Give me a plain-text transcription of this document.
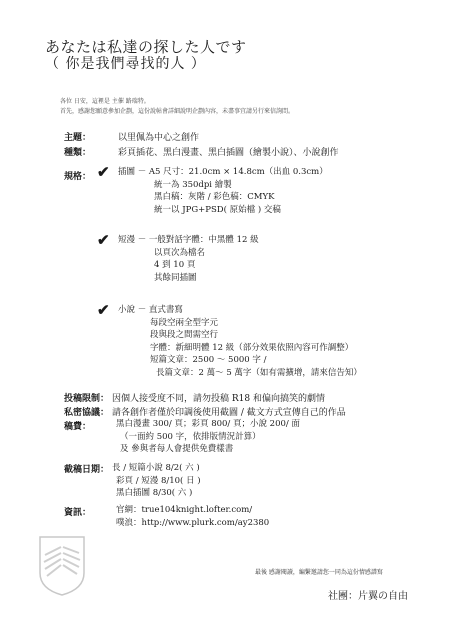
あなたは私達の探した人です
（ 你是我們尋找的人 ）
各位 日安，這裡是 主催 路瑞特。
首先，感謝您願意參加企劃，這份說帖會詳細說明企劃內容，未盡事宜請另行來信詢問。
主題：	以里佩為中心之創作
種類：	彩頁插花、黑白漫畫、黑白插圖（繪製小說）、小說創作
規格： ✔ 插圖 － A5 尺寸：21.0cm × 14.8cm（出血 0.3cm）
統一為 350dpi 繪製
黑白稿：灰階 / 彩色稿：CMYK
統一以 JPG+PSD( 原始檔 ) 交稿
✔ 短漫 － 一般對話字體：中黑體 12 級
以頁次為檔名
4 到 10 頁
其餘同插圖
✔ 小說 － 直式書寫
每段空兩全型字元
段與段之間需空行
字體：新細明體 12 級（部分效果依照內容可作調整）
短篇文章：2500 ～ 5000 字 /
長篇文章：2 萬～ 5 萬字（如有需擴增，請來信告知）
投稿限制： 因個人接受度不同，請勿投稿 R18 和偏向搞笑的劇情
私密協議： 請各創作者僅於印調後使用截圖 / 截文方式宣傳自己的作品
稿費：	黑白漫畫 300/ 頁；彩頁 800/ 頁；小說 200/ 面
（一面約 500 字，依排版情況計算）
及 參與者每人會提供免費樣書
截稿日期： 長 / 短篇小說 8/2( 六 )
彩頁 / 短漫 8/10( 日 )
黑白插圖 8/30( 六 )
資訊：	官網：true104knight.lofter.com/
噗浪：http://www.plurk.com/ay2380
最後 感謝閱讀，編繫邀請您一同為這份情感譜寫
社團：片翼の自由
